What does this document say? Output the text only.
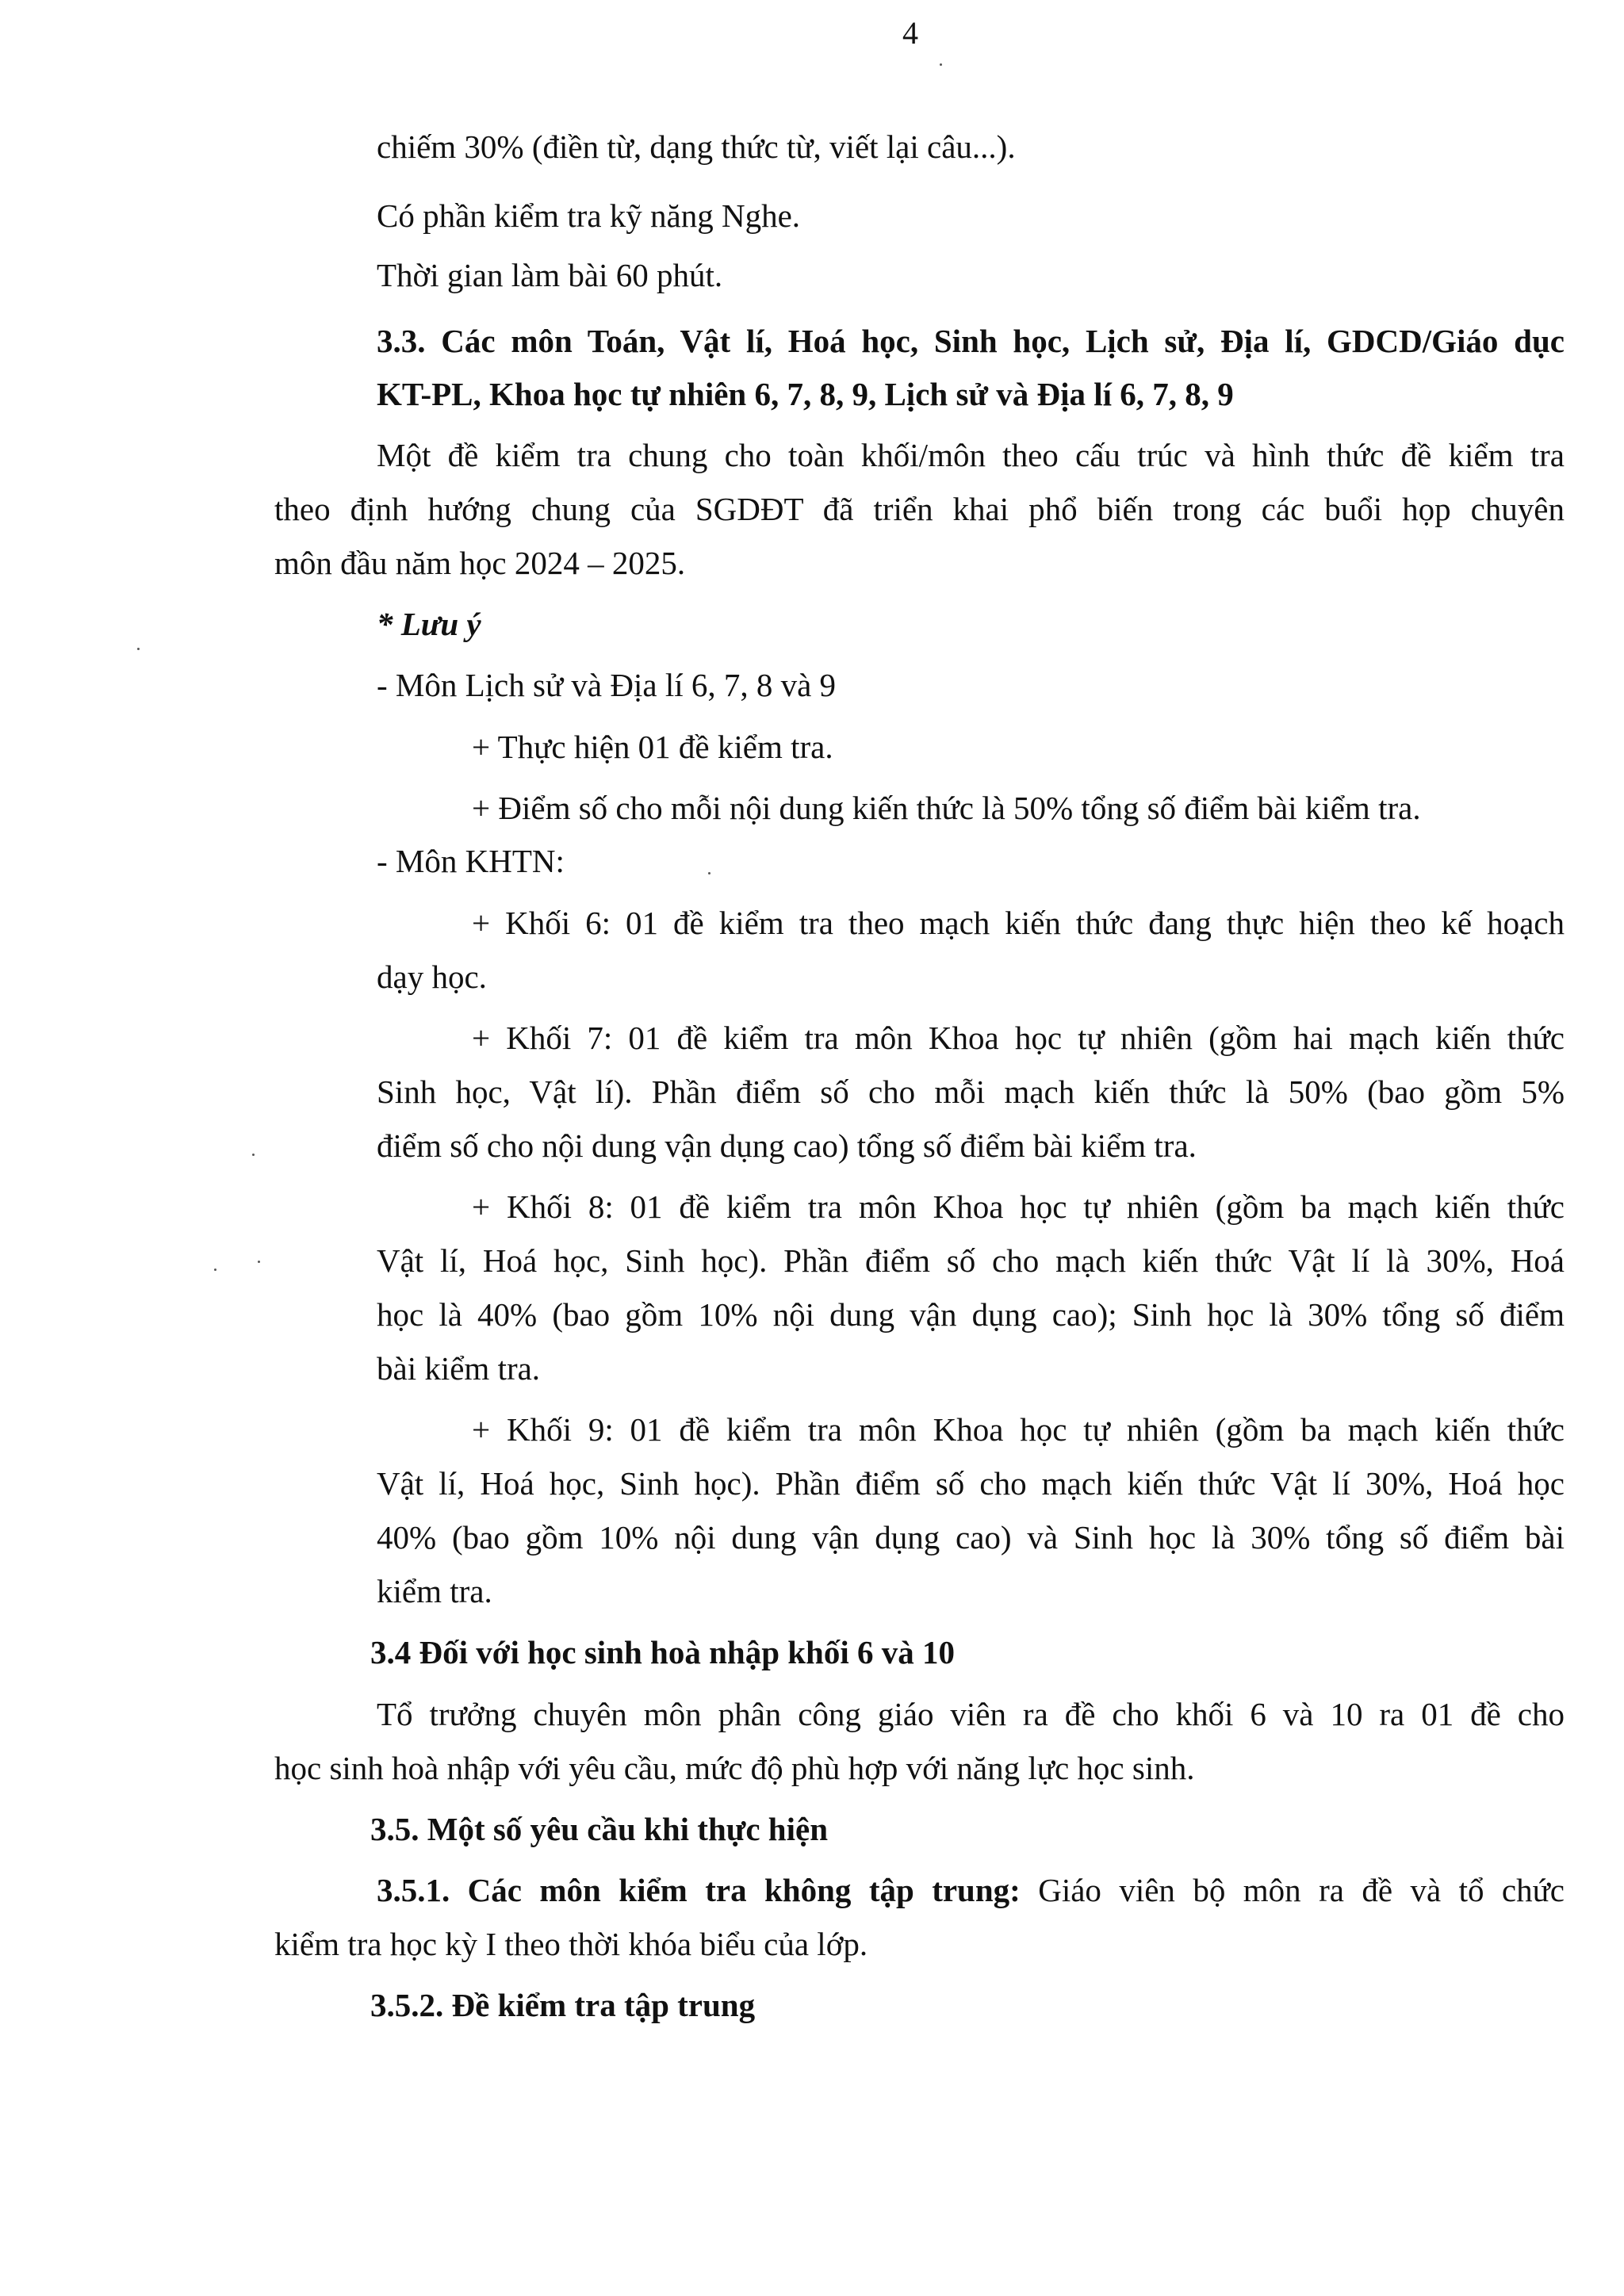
4
chiếm 30% (điền từ, dạng thức từ, viết lại câu...).
Có phần kiểm tra kỹ năng Nghe.
Thời gian làm bài 60 phút.
3.3. Các môn Toán, Vật lí, Hoá học, Sinh học, Lịch sử, Địa lí, GDCD/Giáo dục
KT-PL, Khoa học tự nhiên 6, 7, 8, 9, Lịch sử và Địa lí 6, 7, 8, 9
Một đề kiểm tra chung cho toàn khối/môn theo cấu trúc và hình thức đề kiểm tra
theo định hướng chung của SGDĐT đã triển khai phổ biến trong các buổi họp chuyên
môn đầu năm học 2024 – 2025.
* Lưu ý
- Môn Lịch sử và Địa lí 6, 7, 8 và 9
+ Thực hiện 01 đề kiểm tra.
+ Điểm số cho mỗi nội dung kiến thức là 50% tổng số điểm bài kiểm tra.
- Môn KHTN:
+ Khối 6: 01 đề kiểm tra theo mạch kiến thức đang thực hiện theo kế hoạch
dạy học.
+ Khối 7: 01 đề kiểm tra môn Khoa học tự nhiên (gồm hai mạch kiến thức
Sinh học, Vật lí). Phần điểm số cho mỗi mạch kiến thức là 50% (bao gồm 5%
điểm số cho nội dung vận dụng cao) tổng số điểm bài kiểm tra.
+ Khối 8: 01 đề kiểm tra môn Khoa học tự nhiên (gồm ba mạch kiến thức
Vật lí, Hoá học, Sinh học). Phần điểm số cho mạch kiến thức Vật lí là 30%, Hoá
học là 40% (bao gồm 10% nội dung vận dụng cao); Sinh học là 30% tổng số điểm
bài kiểm tra.
+ Khối 9: 01 đề kiểm tra môn Khoa học tự nhiên (gồm ba mạch kiến thức
Vật lí, Hoá học, Sinh học). Phần điểm số cho mạch kiến thức Vật lí 30%, Hoá học
40% (bao gồm 10% nội dung vận dụng cao) và Sinh học là 30% tổng số điểm bài
kiểm tra.
3.4 Đối với học sinh hoà nhập khối 6 và 10
Tổ trưởng chuyên môn phân công giáo viên ra đề cho khối 6 và 10 ra 01 đề cho
học sinh hoà nhập với yêu cầu, mức độ phù hợp với năng lực học sinh.
3.5. Một số yêu cầu khi thực hiện
3.5.1. Các môn kiểm tra không tập trung: Giáo viên bộ môn ra đề và tổ chức
kiểm tra học kỳ I theo thời khóa biểu của lớp.
3.5.2. Đề kiểm tra tập trung
